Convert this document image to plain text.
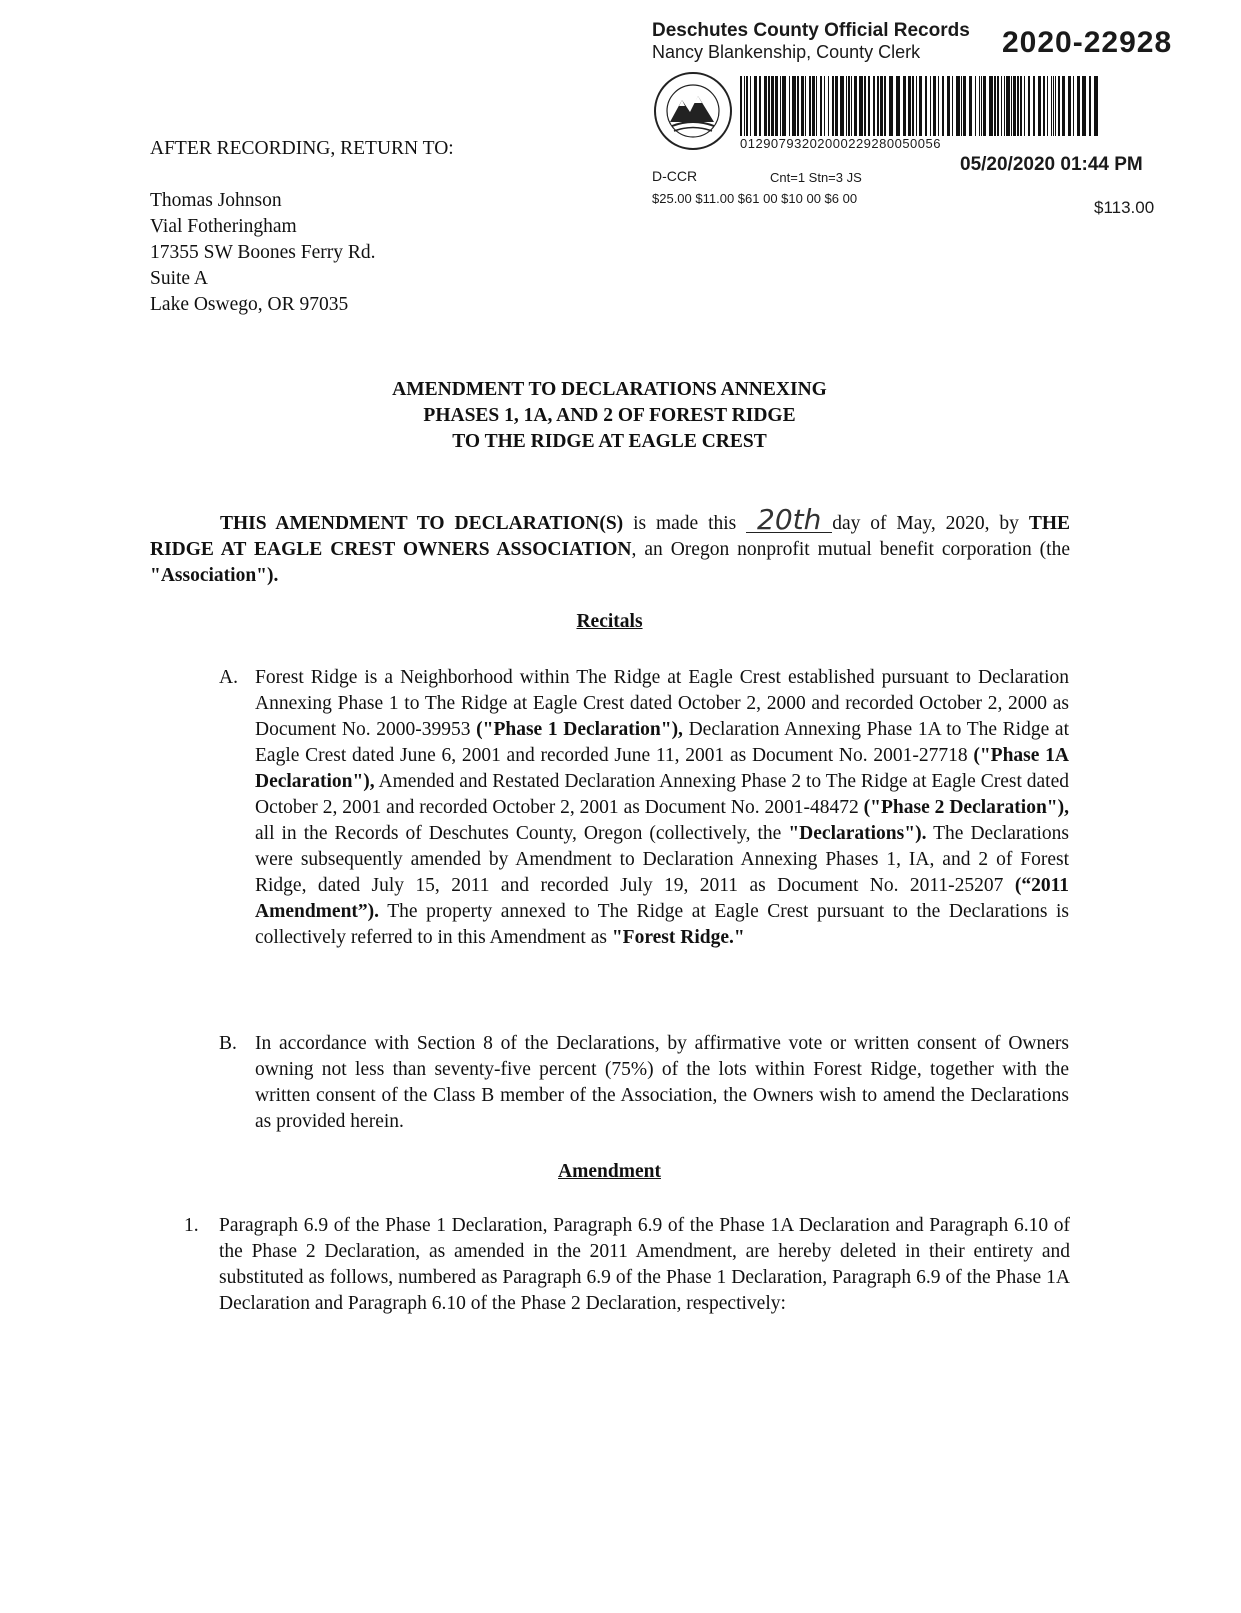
Deschutes County Official Records
Nancy Blankenship, County Clerk	2020-22928
01290793202000229280050056
05/20/2020 01:44 PM
D-CCR	Cnt=1 Stn=3 JS
$25.00 $11.00 $61 00 $10 00 $6 00	$113.00
AFTER RECORDING, RETURN TO:
Thomas Johnson
Vial Fotheringham
17355 SW Boones Ferry Rd.
Suite A
Lake Oswego, OR 97035
AMENDMENT TO DECLARATIONS ANNEXING
PHASES 1, 1A, AND 2 OF FOREST RIDGE
TO THE RIDGE AT EAGLE CREST
THIS AMENDMENT TO DECLARATION(S) is made this 20th day of May, 2020, by THE RIDGE AT EAGLE CREST OWNERS ASSOCIATION, an Oregon nonprofit mutual benefit corporation (the "Association").
Recitals
A. Forest Ridge is a Neighborhood within The Ridge at Eagle Crest established pursuant to Declaration Annexing Phase 1 to The Ridge at Eagle Crest dated October 2, 2000 and recorded October 2, 2000 as Document No. 2000-39953 ("Phase 1 Declaration"), Declaration Annexing Phase 1A to The Ridge at Eagle Crest dated June 6, 2001 and recorded June 11, 2001 as Document No. 2001-27718 ("Phase 1A Declaration"), Amended and Restated Declaration Annexing Phase 2 to The Ridge at Eagle Crest dated October 2, 2001 and recorded October 2, 2001 as Document No. 2001-48472 ("Phase 2 Declaration"), all in the Records of Deschutes County, Oregon (collectively, the "Declarations"). The Declarations were subsequently amended by Amendment to Declaration Annexing Phases 1, IA, and 2 of Forest Ridge, dated July 15, 2011 and recorded July 19, 2011 as Document No. 2011-25207 (“2011 Amendment”). The property annexed to The Ridge at Eagle Crest pursuant to the Declarations is collectively referred to in this Amendment as "Forest Ridge."
B. In accordance with Section 8 of the Declarations, by affirmative vote or written consent of Owners owning not less than seventy-five percent (75%) of the lots within Forest Ridge, together with the written consent of the Class B member of the Association, the Owners wish to amend the Declarations as provided herein.
Amendment
1. Paragraph 6.9 of the Phase 1 Declaration, Paragraph 6.9 of the Phase 1A Declaration and Paragraph 6.10 of the Phase 2 Declaration, as amended in the 2011 Amendment, are hereby deleted in their entirety and substituted as follows, numbered as Paragraph 6.9 of the Phase 1 Declaration, Paragraph 6.9 of the Phase 1A Declaration and Paragraph 6.10 of the Phase 2 Declaration, respectively:
